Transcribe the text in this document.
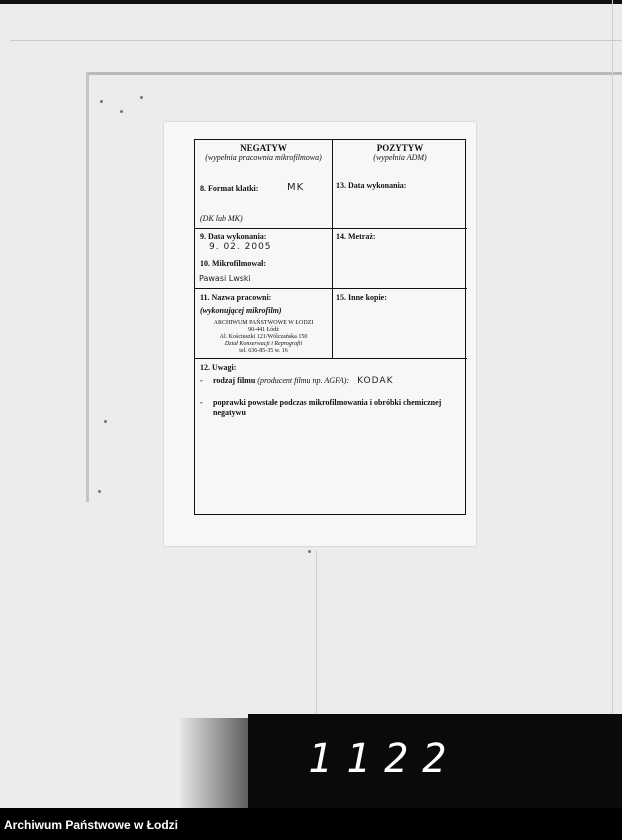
NEGATYW
(wypełnia pracownia mikrofilmowa)
POZYTYW
(wypełnia ADM)
8. Format klatki:	MK
(DK lub MK)
13. Data wykonania:
9. Data wykonania:
9. 02. 2005
10. Mikrofilmował:
Pawasi Lwski
14. Metraż:
11. Nazwa pracowni:
(wykonującej mikrofilm)
ARCHIWUM PAŃSTWOWE W ŁODZI
90-441 Łódź
Al. Kościuszki 121/Wólczańska 150
Dział Konserwacji i Reprografii
tel. 636-85-35 w. 16
15. Inne kopie:
12. Uwagi:
- rodzaj filmu (producent filmu np. AGFA): KODAK
- poprawki powstałe podczas mikrofilmowania i obróbki chemicznej negatywu
1122
Archiwum Państwowe w Łodzi
